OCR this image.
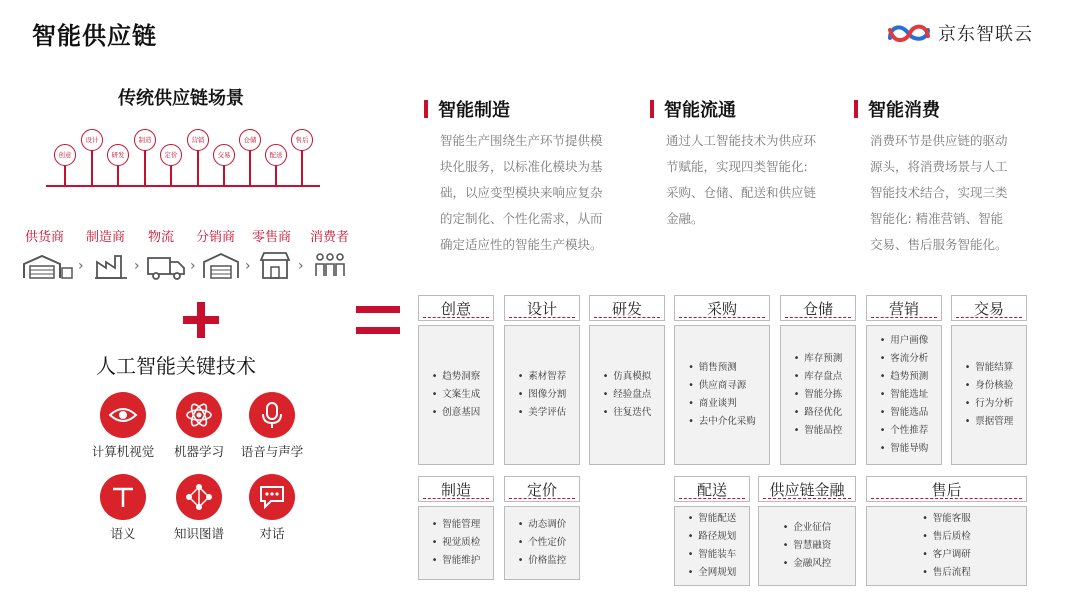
智能供应链	京东智联云
传统供应链场景
创意
设计
研发
制造
定价
营销
交易
仓储
配送
售后
供货商 制造商 物流 分销商 零售商 消费者
›	›	›	›	›
人工智能关键技术
计算机视觉	机器学习	语音与声学
语义	知识图谱	对话
智能制造
智能生产围绕生产环节提供模
块化服务，以标准化模块为基
础，以应变型模块来响应复杂
的定制化、个性化需求，从而
确定适应性的智能生产模块。
智能流通
通过人工智能技术为供应环
节赋能，实现四类智能化:
采购、仓储、配送和供应链
金融。
智能消费
消费环节是供应链的驱动
源头，将消费场景与人工
智能技术结合，实现三类
智能化: 精准营销、智能
交易、售后服务智能化。
创意
• 趋势洞察
• 文案生成
• 创意基因
设计
• 素材智荐
• 图像分割
• 美学评估
研发
• 仿真模拟
• 经验盘点
• 往复迭代
采购
• 销售预测
• 供应商寻源
• 商业谈判
• 去中介化采购
仓储
• 库存预测
• 库存盘点
• 智能分拣
• 路径优化
• 智能品控
营销
• 用户画像
• 客流分析
• 趋势预测
• 智能选址
• 智能选品
• 个性推荐
• 智能导购
交易
• 智能结算
• 身份核验
• 行为分析
• 票据管理
制造
• 智能管理
• 视觉质检
• 智能维护
定价
• 动态调价
• 个性定价
• 价格监控
配送
• 智能配送
• 路径规划
• 智能装车
• 全网规划
供应链金融
• 企业征信
• 智慧融资
• 金融风控
售后
• 智能客服
• 售后质检
• 客户调研
• 售后流程
